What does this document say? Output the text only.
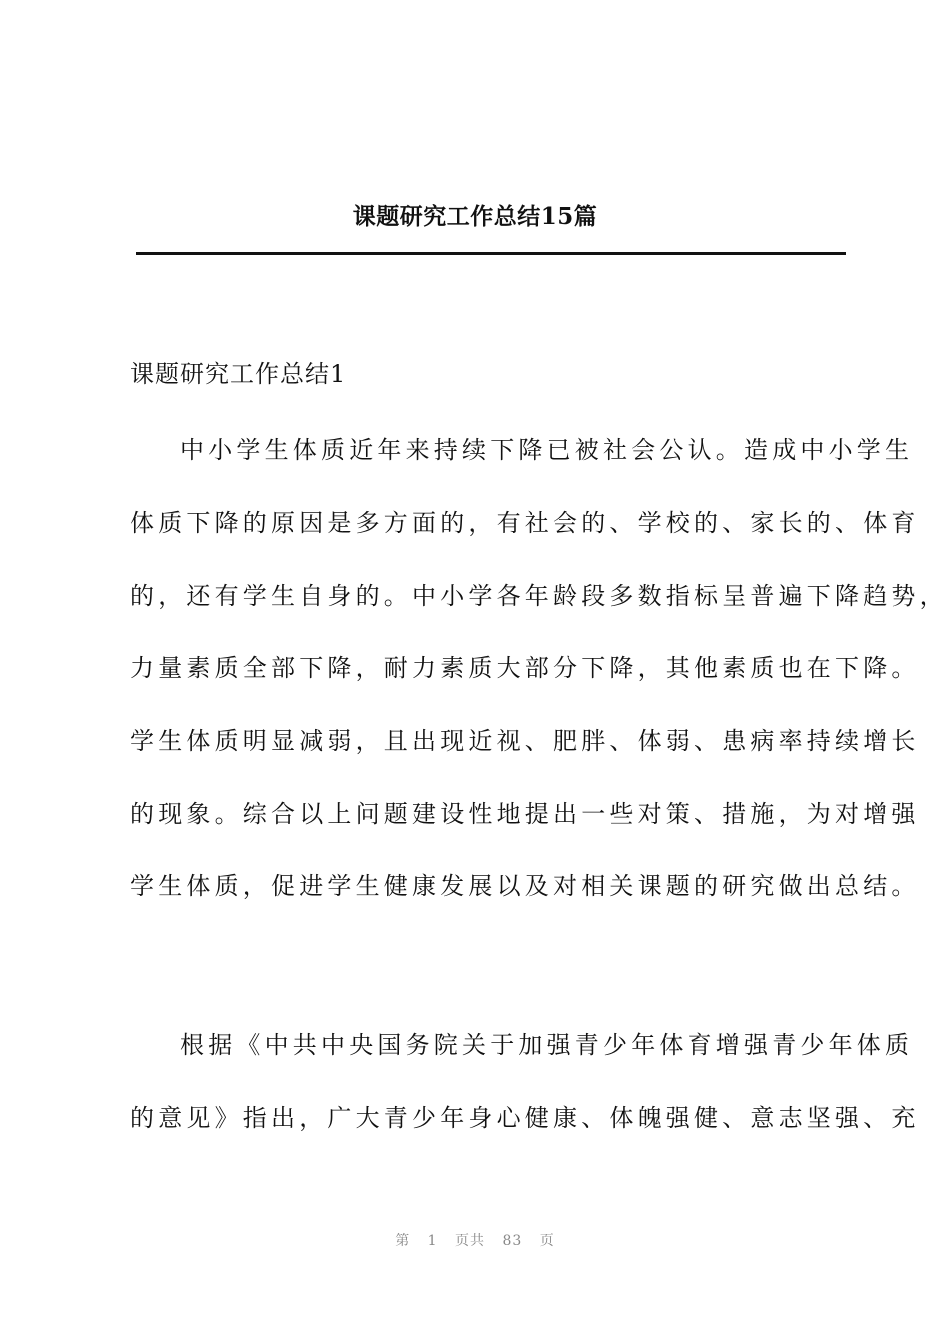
课题研究工作总结15篇
课题研究工作总结1
中小学生体质近年来持续下降已被社会公认。造成中小学生
体质下降的原因是多方面的，有社会的、学校的、家长的、体育
的，还有学生自身的。中小学各年龄段多数指标呈普遍下降趋势，
力量素质全部下降，耐力素质大部分下降，其他素质也在下降。
学生体质明显减弱，且出现近视、肥胖、体弱、患病率持续增长
的现象。综合以上问题建设性地提出一些对策、措施，为对增强
学生体质，促进学生健康发展以及对相关课题的研究做出总结。
根据《中共中央国务院关于加强青少年体育增强青少年体质
的意见》指出，广大青少年身心健康、体魄强健、意志坚强、充
第 1 页共 83 页
